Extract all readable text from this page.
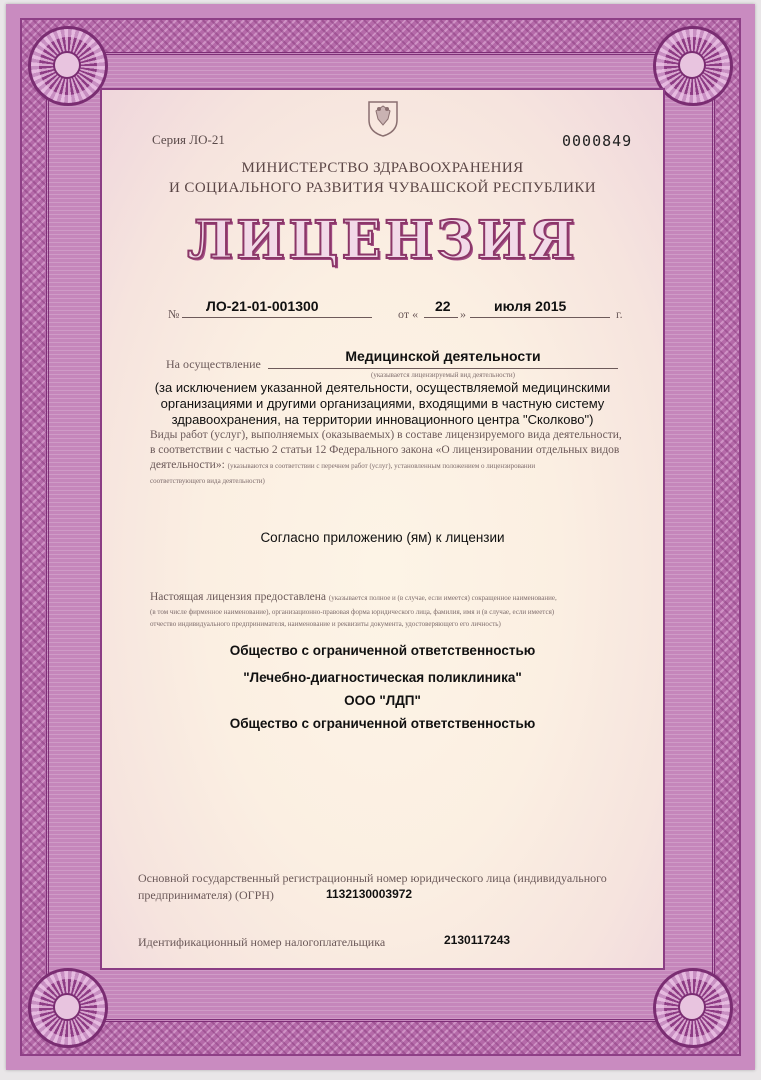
Серия ЛО-21	0000849
МИНИСТЕРСТВО ЗДРАВООХРАНЕНИЯ
И СОЦИАЛЬНОГО РАЗВИТИЯ ЧУВАШСКОЙ РЕСПУБЛИКИ
ЛИЦЕНЗИЯ
№ ЛО-21-01-001300	от « 22 » июля 2015	г.
На осуществление	Медицинской деятельности
(указывается лицензируемый вид деятельности)
(за исключением указанной деятельности, осуществляемой медицинскими организациями и другими организациями, входящими в частную систему здравоохранения, на территории инновационного центра "Сколково")
Виды работ (услуг), выполняемых (оказываемых) в составе лицензируемого вида деятельности,
в соответствии с частью 2 статьи 12 Федерального закона «О лицензировании отдельных видов
деятельности»: (указываются в соответствии с перечнем работ (услуг), установленным положением о лицензировании
соответствующего вида деятельности)
Согласно приложению (ям) к лицензии
Настоящая лицензия предоставлена (указывается полное и (в случае, если имеется) сокращенное наименование,
(в том числе фирменное наименование), организационно-правовая форма юридического лица, фамилия, имя и (в случае, если имеется)
отчество индивидуального предпринимателя, наименование и реквизиты документа, удостоверяющего его личность)
Общество с ограниченной ответственностью
"Лечебно-диагностическая поликлиника"
ООО "ЛДП"
Общество с ограниченной ответственностью
Основной государственный регистрационный номер юридического лица (индивидуального
предпринимателя) (ОГРН)	1132130003972
Идентификационный номер налогоплательщика	2130117243
